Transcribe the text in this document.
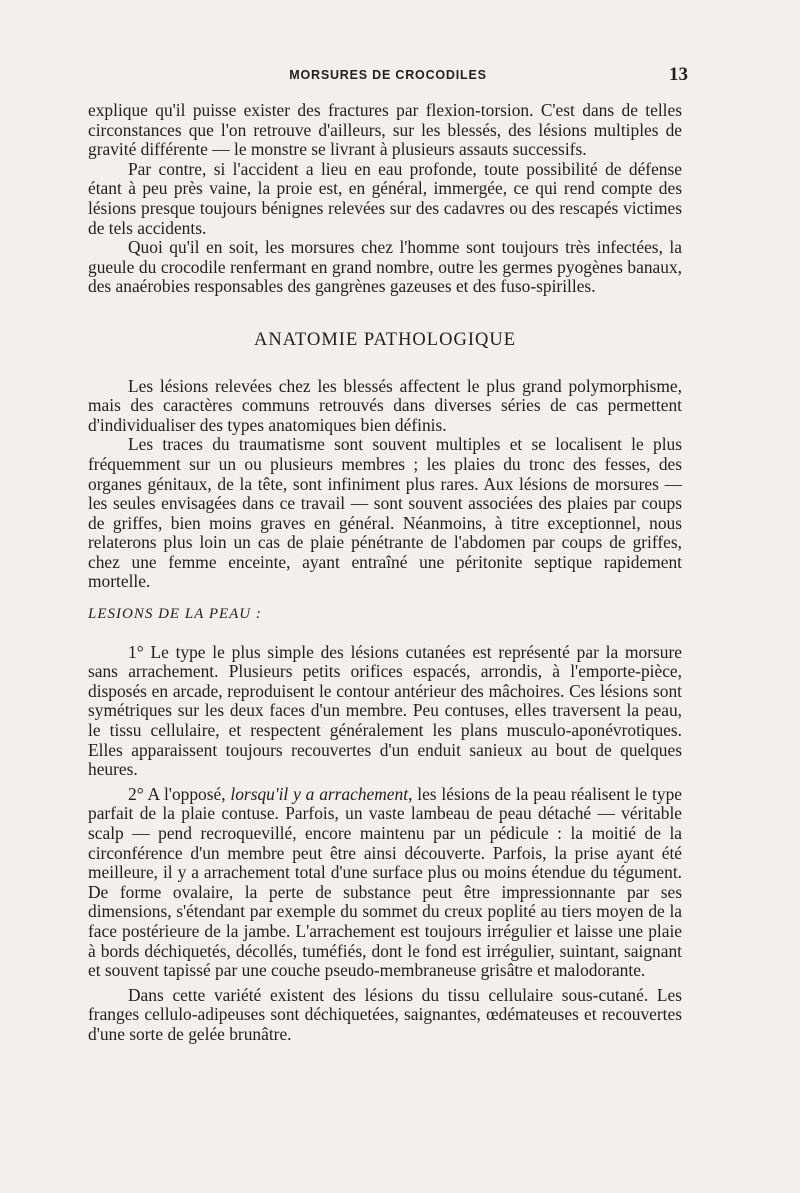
MORSURES DE CROCODILES	13

explique qu'il puisse exister des fractures par flexion-torsion. C'est dans de telles circonstances que l'on retrouve d'ailleurs, sur les blessés, des lésions multiples de gravité différente — le monstre se livrant à plusieurs assauts successifs.

Par contre, si l'accident a lieu en eau profonde, toute possibilité de défense étant à peu près vaine, la proie est, en général, immergée, ce qui rend compte des lésions presque toujours bénignes relevées sur des cadavres ou des rescapés victimes de tels accidents.

Quoi qu'il en soit, les morsures chez l'homme sont toujours très infectées, la gueule du crocodile renfermant en grand nombre, outre les germes pyogènes banaux, des anaérobies responsables des gangrènes gazeuses et des fuso-spirilles.

ANATOMIE PATHOLOGIQUE

Les lésions relevées chez les blessés affectent le plus grand polymorphisme, mais des caractères communs retrouvés dans diverses séries de cas permettent d'individualiser des types anatomiques bien définis.

Les traces du traumatisme sont souvent multiples et se localisent le plus fréquemment sur un ou plusieurs membres ; les plaies du tronc des fesses, des organes génitaux, de la tête, sont infiniment plus rares. Aux lésions de morsures — les seules envisagées dans ce travail — sont souvent associées des plaies par coups de griffes, bien moins graves en général. Néanmoins, à titre exceptionnel, nous relaterons plus loin un cas de plaie pénétrante de l'abdomen par coups de griffes, chez une femme enceinte, ayant entraîné une péritonite septique rapidement mortelle.

LESIONS DE LA PEAU :

1° Le type le plus simple des lésions cutanées est représenté par la morsure sans arrachement. Plusieurs petits orifices espacés, arrondis, à l'emporte-pièce, disposés en arcade, reproduisent le contour antérieur des mâchoires. Ces lésions sont symétriques sur les deux faces d'un membre. Peu contuses, elles traversent la peau, le tissu cellulaire, et respectent généralement les plans musculo-aponévrotiques. Elles apparaissent toujours recouvertes d'un enduit sanieux au bout de quelques heures.

2° A l'opposé, lorsqu'il y a arrachement, les lésions de la peau réalisent le type parfait de la plaie contuse. Parfois, un vaste lambeau de peau détaché — véritable scalp — pend recroquevillé, encore maintenu par un pédicule : la moitié de la circonférence d'un membre peut être ainsi découverte. Parfois, la prise ayant été meilleure, il y a arrachement total d'une surface plus ou moins étendue du tégument. De forme ovalaire, la perte de substance peut être impressionnante par ses dimensions, s'étendant par exemple du sommet du creux poplité au tiers moyen de la face postérieure de la jambe. L'arrachement est toujours irrégulier et laisse une plaie à bords déchiquetés, décollés, tuméfiés, dont le fond est irrégulier, suintant, saignant et souvent tapissé par une couche pseudo-membraneuse grisâtre et malodorante.

Dans cette variété existent des lésions du tissu cellulaire sous-cutané. Les franges cellulo-adipeuses sont déchiquetées, saignantes, œdémateuses et recouvertes d'une sorte de gelée brunâtre.
